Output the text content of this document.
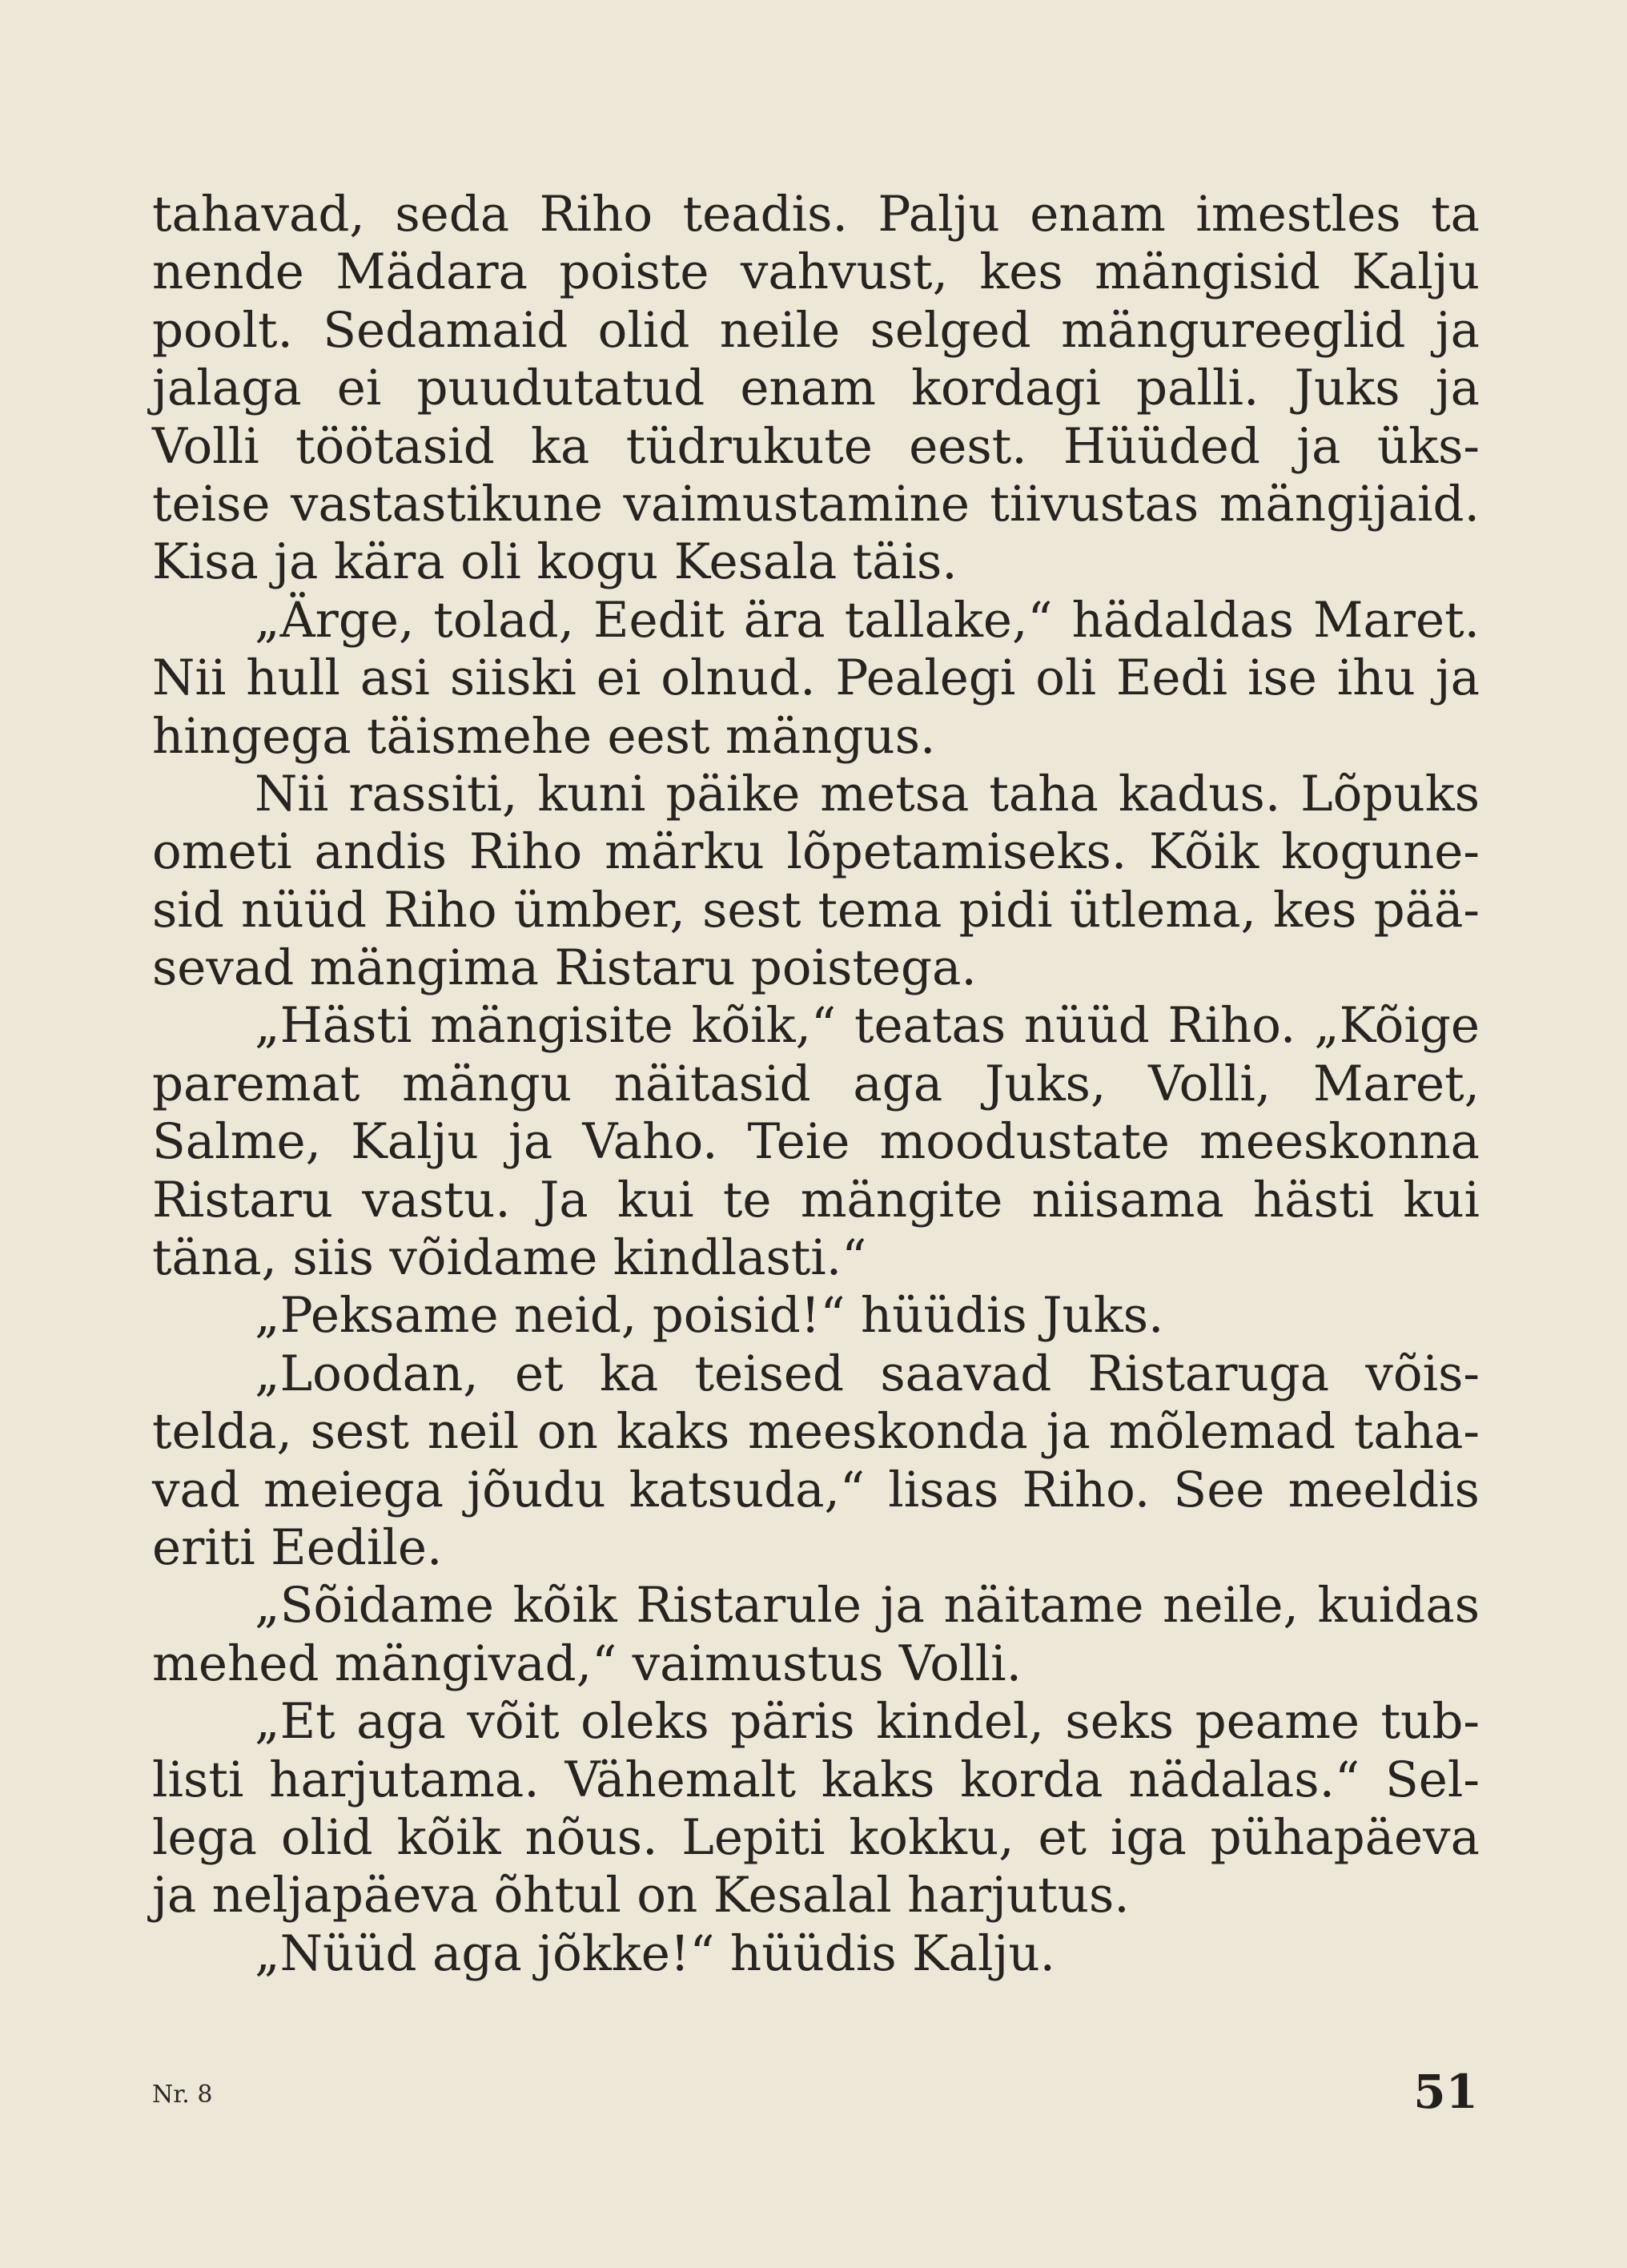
tahavad, seda Riho teadis. Palju enam imestles ta
nende Mädara poiste vahvust, kes mängisid Kalju
poolt. Sedamaid olid neile selged mängureeglid ja
jalaga ei puudutatud enam kordagi palli. Juks ja
Volli töötasid ka tüdrukute eest. Hüüded ja üks-
teise vastastikune vaimustamine tiivustas mängijaid.
Kisa ja kära oli kogu Kesala täis.
„Ärge, tolad, Eedit ära tallake,“ hädaldas Maret.
Nii hull asi siiski ei olnud. Pealegi oli Eedi ise ihu ja
hingega täismehe eest mängus.
Nii rassiti, kuni päike metsa taha kadus. Lõpuks
ometi andis Riho märku lõpetamiseks. Kõik kogune-
sid nüüd Riho ümber, sest tema pidi ütlema, kes pää-
sevad mängima Ristaru poistega.
„Hästi mängisite kõik,“ teatas nüüd Riho. „Kõige
paremat mängu näitasid aga Juks, Volli, Maret,
Salme, Kalju ja Vaho. Teie moodustate meeskonna
Ristaru vastu. Ja kui te mängite niisama hästi kui
täna, siis võidame kindlasti.“
„Peksame neid, poisid!“ hüüdis Juks.
„Loodan, et ka teised saavad Ristaruga võis-
telda, sest neil on kaks meeskonda ja mõlemad taha-
vad meiega jõudu katsuda,“ lisas Riho. See meeldis
eriti Eedile.
„Sõidame kõik Ristarule ja näitame neile, kuidas
mehed mängivad,“ vaimustus Volli.
„Et aga võit oleks päris kindel, seks peame tub-
listi harjutama. Vähemalt kaks korda nädalas.“ Sel-
lega olid kõik nõus. Lepiti kokku, et iga pühapäeva
ja neljapäeva õhtul on Kesalal harjutus.
„Nüüd aga jõkke!“ hüüdis Kalju.
Nr. 8	51
